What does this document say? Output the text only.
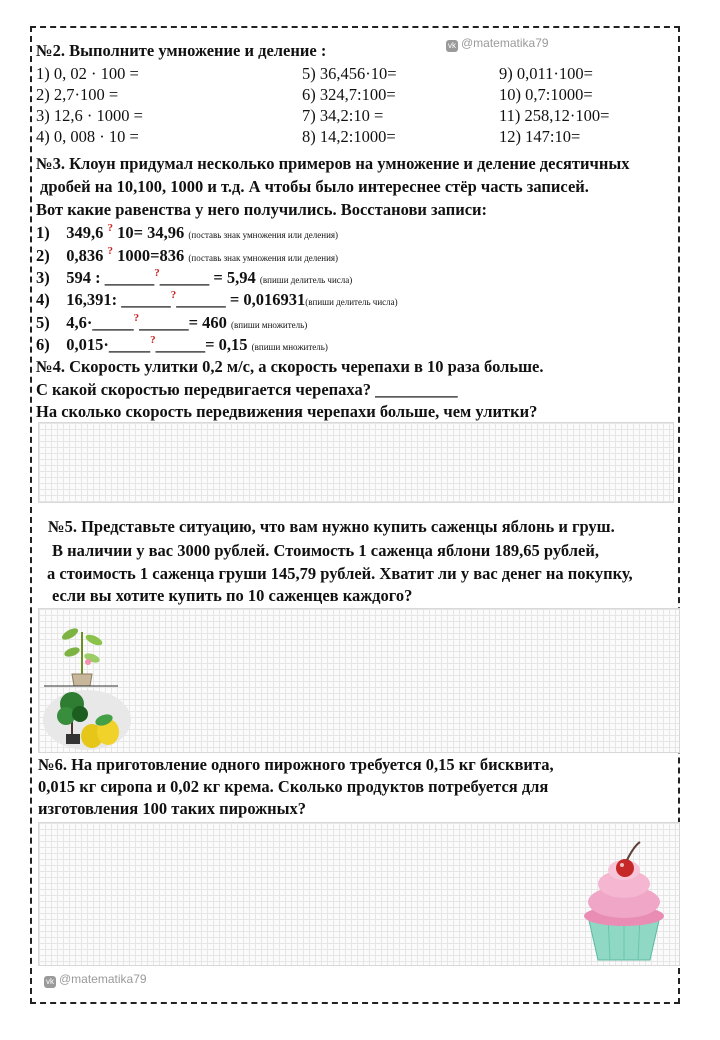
vk @matematika79
№2. Выполните умножение и деление :
1) 0, 02 · 100 =
2) 2,7·100 =
3) 12,6 · 1000 =
4) 0, 008 · 10 =
5) 36,456·10=
6) 324,7:100=
7) 34,2:10 =
8) 14,2:1000=
9) 0,011·100=
10) 0,7:1000=
11) 258,12·100=
12) 147:10=
№3. Клоун придумал несколько примеров на умножение и деление десятичных
дробей на 10,100, 1000 и т.д. А чтобы было интереснее стёр часть записей.
Вот какие равенства у него получились. Восстанови записи:
1) 349,6 ? 10= 34,96 (поставь знак умножения или деления)
2) 0,836 ? 1000=836 (поставь знак умножения или деления)
3) 594 : ______?______ = 5,94 (впиши делитель числа)
4) 16,391: ______?______ = 0,016931(впиши делитель числа)
5) 4,6·_____?______= 460 (впиши множитель)
6) 0,015·_____?______= 0,15 (впиши множитель)
№4. Скорость улитки 0,2 м/с, а скорость черепахи в 10 раза больше.
С какой скоростью передвигается черепаха? __________
На сколько скорость передвижения черепахи больше, чем улитки?
№5. Представьте ситуацию, что вам нужно купить саженцы яблонь и груш.
В наличии у вас 3000 рублей. Стоимость 1 саженца яблони 189,65 рублей,
а стоимость 1 саженца груши 145,79 рублей. Хватит ли у вас денег на покупку,
если вы хотите купить по 10 саженцев каждого?
№6. На приготовление одного пирожного требуется 0,15 кг бисквита,
0,015 кг сиропа и 0,02 кг крема. Сколько продуктов потребуется для
изготовления 100 таких пирожных?
vk @matematika79
